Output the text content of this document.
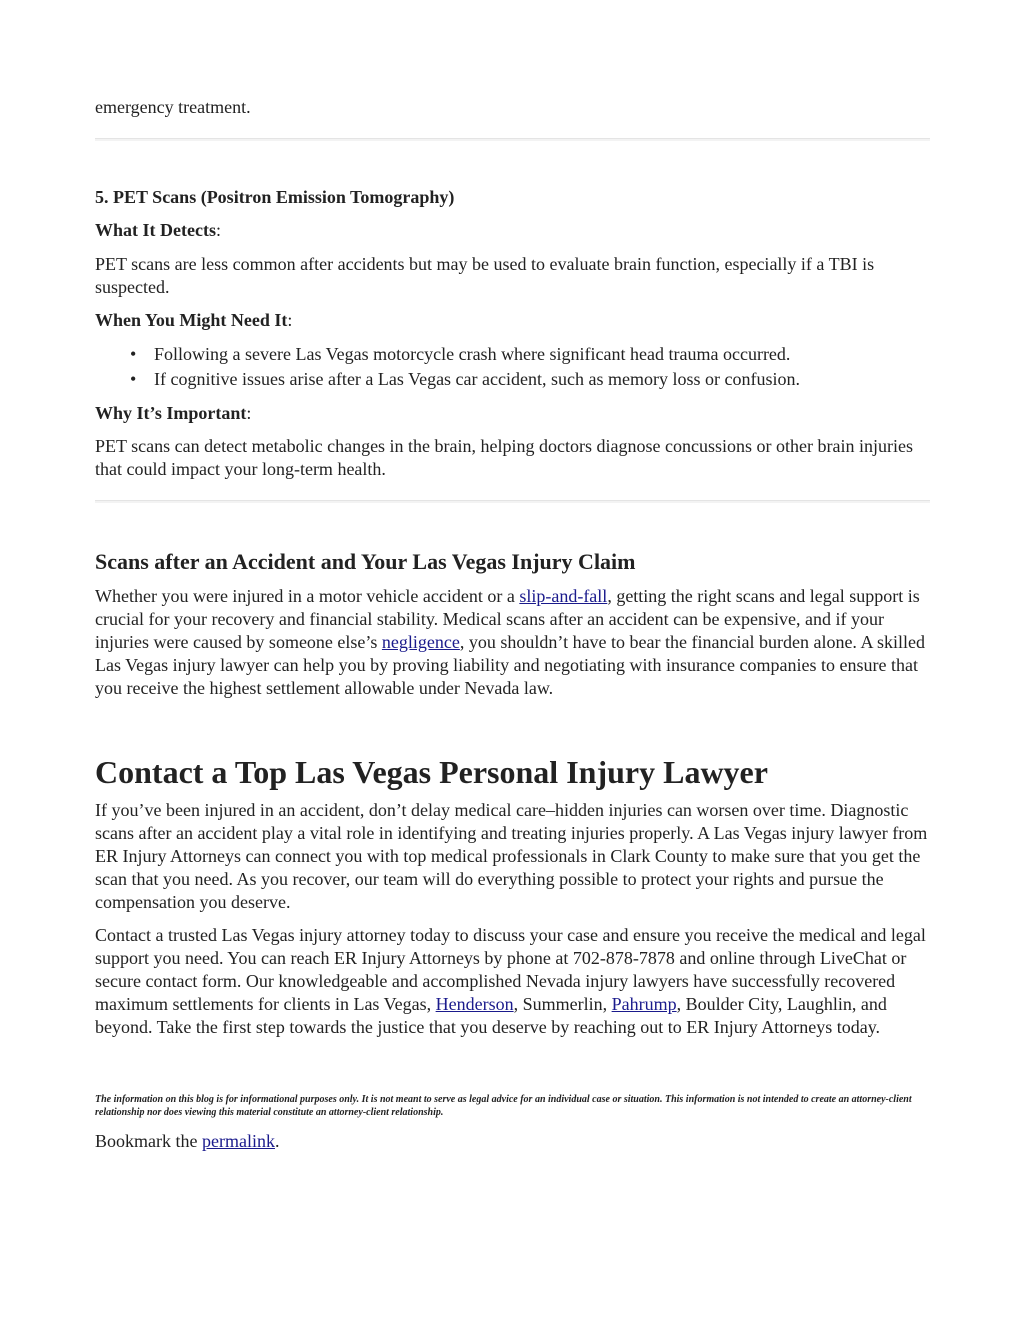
emergency treatment.

5. PET Scans (Positron Emission Tomography)

What It Detects:

PET scans are less common after accidents but may be used to evaluate brain function, especially if a TBI is suspected.

When You Might Need It:

• Following a severe Las Vegas motorcycle crash where significant head trauma occurred.
• If cognitive issues arise after a Las Vegas car accident, such as memory loss or confusion.

Why It’s Important:

PET scans can detect metabolic changes in the brain, helping doctors diagnose concussions or other brain injuries that could impact your long-term health.

Scans after an Accident and Your Las Vegas Injury Claim

Whether you were injured in a motor vehicle accident or a slip-and-fall, getting the right scans and legal support is crucial for your recovery and financial stability. Medical scans after an accident can be expensive, and if your injuries were caused by someone else’s negligence, you shouldn’t have to bear the financial burden alone. A skilled Las Vegas injury lawyer can help you by proving liability and negotiating with insurance companies to ensure that you receive the highest settlement allowable under Nevada law.

Contact a Top Las Vegas Personal Injury Lawyer

If you’ve been injured in an accident, don’t delay medical care–hidden injuries can worsen over time. Diagnostic scans after an accident play a vital role in identifying and treating injuries properly. A Las Vegas injury lawyer from ER Injury Attorneys can connect you with top medical professionals in Clark County to make sure that you get the scan that you need. As you recover, our team will do everything possible to protect your rights and pursue the compensation you deserve.

Contact a trusted Las Vegas injury attorney today to discuss your case and ensure you receive the medical and legal support you need. You can reach ER Injury Attorneys by phone at 702-878-7878 and online through LiveChat or secure contact form. Our knowledgeable and accomplished Nevada injury lawyers have successfully recovered maximum settlements for clients in Las Vegas, Henderson, Summerlin, Pahrump, Boulder City, Laughlin, and beyond. Take the first step towards the justice that you deserve by reaching out to ER Injury Attorneys today.

The information on this blog is for informational purposes only. It is not meant to serve as legal advice for an individual case or situation. This information is not intended to create an attorney-client relationship nor does viewing this material constitute an attorney-client relationship.

Bookmark the permalink.
